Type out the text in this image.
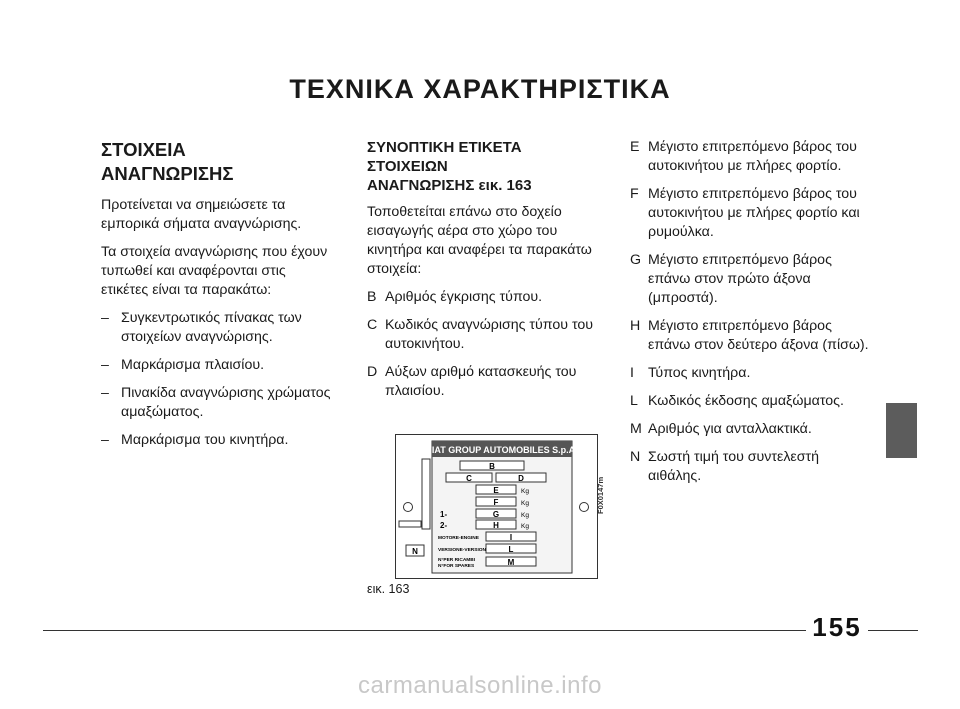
ΤΕΧΝΙΚΑ ΧΑΡΑΚΤΗΡΙΣΤΙΚΑ
ΣΤΟΙΧΕΙΑ
ΑΝΑΓΝΩΡΙΣΗΣ

Προτείνεται να σημειώσετε τα εμπορικά σήματα αναγνώρισης.

Τα στοιχεία αναγνώρισης που έχουν τυπωθεί και αναφέρονται στις ετικέτες είναι τα παρακάτω:

– Συγκεντρωτικός πίνακας των στοιχείων αναγνώρισης.
– Μαρκάρισμα πλαισίου.
– Πινακίδα αναγνώρισης χρώματος αμαξώματος.
– Μαρκάρισμα του κινητήρα.
ΣΥΝΟΠΤΙΚΗ ΕΤΙΚΕΤΑ
ΣΤΟΙΧΕΙΩΝ
ΑΝΑΓΝΩΡΙΣΗΣ εικ. 163

Τοποθετείται επάνω στο δοχείο εισαγωγής αέρα στο χώρο του κινητήρα και αναφέρει τα παρακάτω στοιχεία:

B Αριθμός έγκρισης τύπου.
C Κωδικός αναγνώρισης τύπου του αυτοκινήτου.
D Αύξων αριθμό κατασκευής του πλαισίου.
E Μέγιστο επιτρεπόμενο βάρος του αυτοκινήτου με πλήρες φορτίο.
F Μέγιστο επιτρεπόμενο βάρος του αυτοκινήτου με πλήρες φορτίο και ρυμούλκα.
G Μέγιστο επιτρεπόμενο βάρος επάνω στον πρώτο άξονα (μπροστά).
H Μέγιστο επιτρεπόμενο βάρος επάνω στον δεύτερο άξονα (πίσω).
I Τύπος κινητήρα.
L Κωδικός έκδοσης αμαξώματος.
M Αριθμός για ανταλλακτικά.
N Σωστή τιμή του συντελεστή αιθάλης.
FIAT GROUP AUTOMOBILES S.p.A.
B
C	D
E	Kg
F	Kg
1-	G	Kg
2-	H	Kg
MOTORE-ENGINE	I
VERSIONE-VERSION	L
N°PER RICAMBI
N°FOR SPARES	M
N
F0X0147m
εικ. 163
155
carmanualsonline.info
